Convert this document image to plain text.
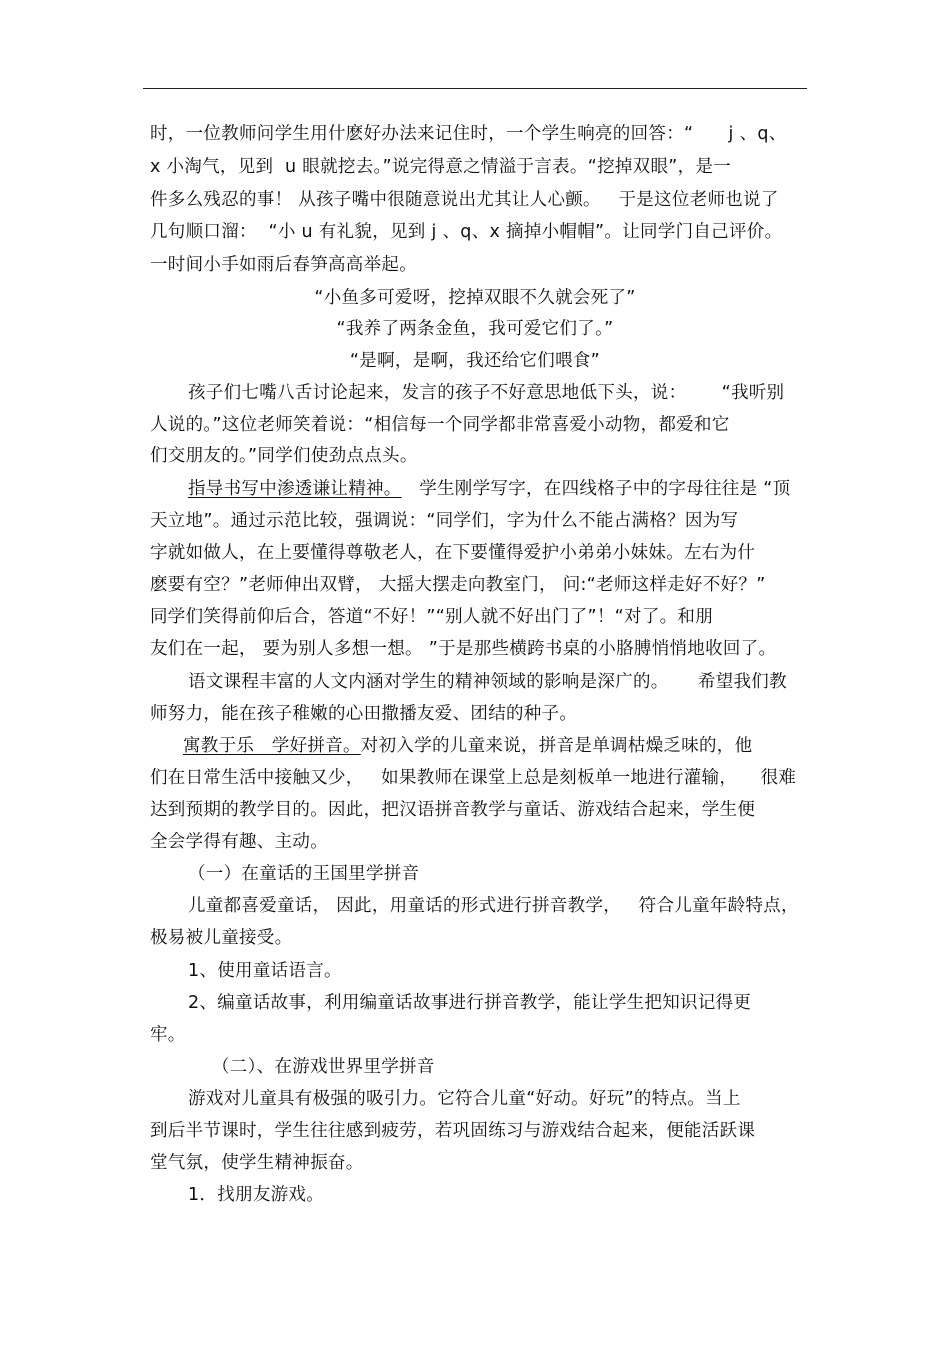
时，一位教师问学生用什麽好办法来记住时，一个学生响亮的回答：“      j 、q、
x 小淘气，见到  u 眼就挖去。”说完得意之情溢于言表。“挖掉双眼”，是一
件多么残忍的事！ 从孩子嘴中很随意说出尤其让人心颤。   于是这位老师也说了
几句顺口溜：  “小 u 有礼貌，见到 j 、q、x 摘掉小帽帽”。让同学门自己评价。
一时间小手如雨后春笋高高举起。
“小鱼多可爱呀，挖掉双眼不久就会死了”
“我养了两条金鱼，我可爱它们了。”
“是啊，是啊，我还给它们喂食”
孩子们七嘴八舌讨论起来，发言的孩子不好意思地低下头，说：      “我听别
人说的。”这位老师笑着说：“相信每一个同学都非常喜爱小动物，都爱和它
们交朋友的。”同学们使劲点点头。
指导书写中渗透谦让精神。 学生刚学写字，在四线格子中的字母往往是 “顶
天立地”。通过示范比较，强调说：“同学们，字为什么不能占满格？因为写
字就如做人，在上要懂得尊敬老人，在下要懂得爱护小弟弟小妹妹。左右为什
麽要有空？”老师伸出双臂， 大摇大摆走向教室门， 问:“老师这样走好不好？”
同学们笑得前仰后合，答道“不好！”“别人就不好出门了”！“对了。和朋
友们在一起， 要为别人多想一想。 ”于是那些横跨书桌的小胳膊悄悄地收回了。
语文课程丰富的人文内涵对学生的精神领域的影响是深广的。     希望我们教
师努力，能在孩子稚嫩的心田撒播友爱、团结的种子。
寓教于乐   学好拼音。对初入学的儿童来说，拼音是单调枯燥乏味的，他
们在日常生活中接触又少，   如果教师在课堂上总是刻板单一地进行灌输，    很难
达到预期的教学目的。因此，把汉语拼音教学与童话、游戏结合起来，学生便
全会学得有趣、主动。
（一）在童话的王国里学拼音
儿童都喜爱童话， 因此，用童话的形式进行拼音教学，   符合儿童年龄特点，
极易被儿童接受。
1、使用童话语言。
2、编童话故事，利用编童话故事进行拼音教学，能让学生把知识记得更
牢。
（二）、在游戏世界里学拼音
游戏对儿童具有极强的吸引力。它符合儿童“好动。好玩”的特点。当上
到后半节课时，学生往往感到疲劳，若巩固练习与游戏结合起来，便能活跃课
堂气氛，使学生精神振奋。
1．找朋友游戏。
